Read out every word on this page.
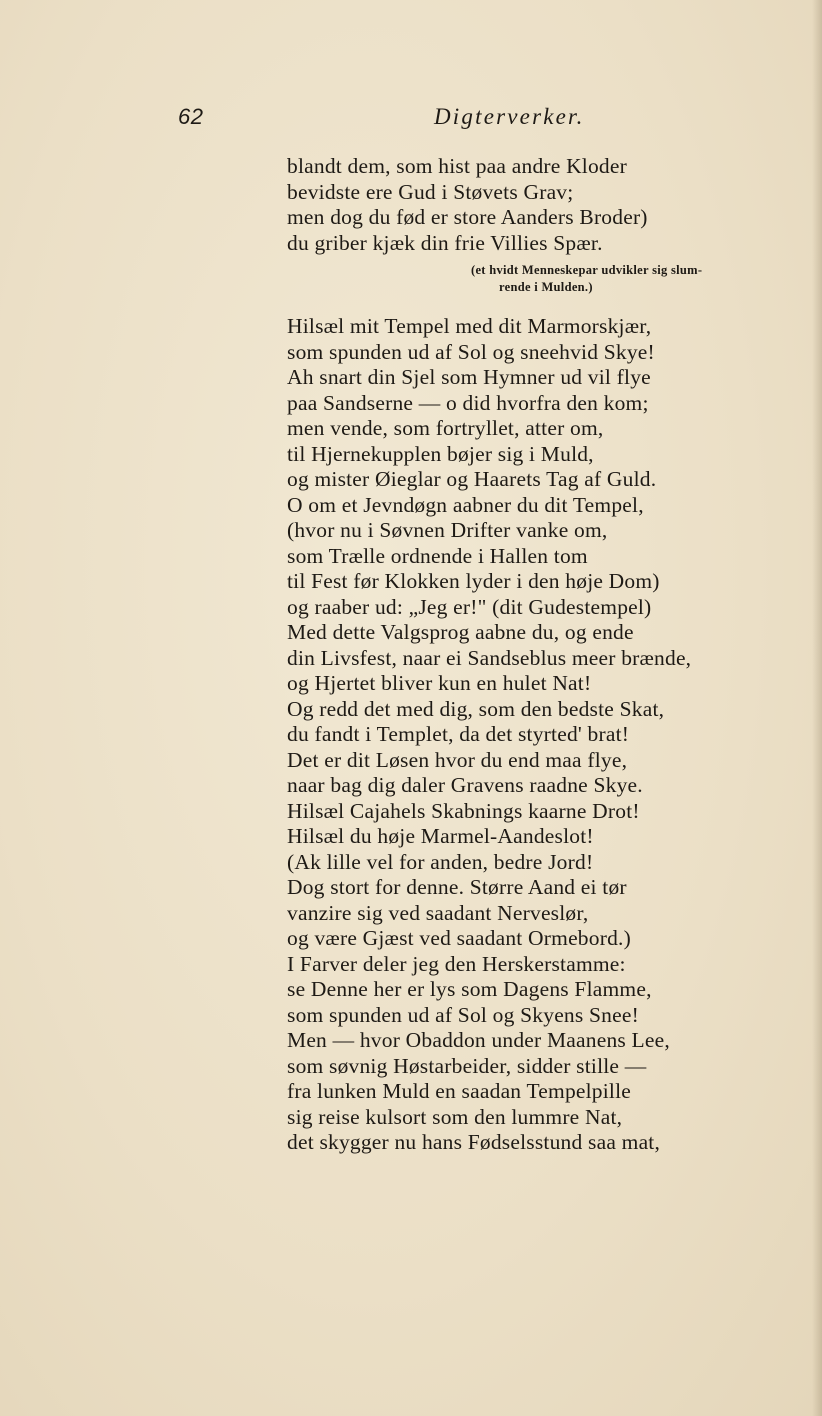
62	Digterverker.
blandt dem, som hist paa andre Kloder
bevidste ere Gud i Støvets Grav;
men dog du fød er store Aanders Broder)
du griber kjæk din frie Villies Spær.
(et hvidt Menneskepar udvikler sig slum-
rende i Mulden.)
Hilsæl mit Tempel med dit Marmorskjær,
som spunden ud af Sol og sneehvid Skye!
Ah snart din Sjel som Hymner ud vil flye
paa Sandserne — o did hvorfra den kom;
men vende, som fortryllet, atter om,
til Hjernekupplen bøjer sig i Muld,
og mister Øieglar og Haarets Tag af Guld.
O om et Jevndøgn aabner du dit Tempel,
(hvor nu i Søvnen Drifter vanke om,
som Trælle ordnende i Hallen tom
til Fest før Klokken lyder i den høje Dom)
og raaber ud: „Jeg er!" (dit Gudestempel)
Med dette Valgsprog aabne du, og ende
din Livsfest, naar ei Sandseblus meer brænde,
og Hjertet bliver kun en hulet Nat!
Og redd det med dig, som den bedste Skat,
du fandt i Templet, da det styrted' brat!
Det er dit Løsen hvor du end maa flye,
naar bag dig daler Gravens raadne Skye.
Hilsæl Cajahels Skabnings kaarne Drot!
Hilsæl du høje Marmel-Aandeslot!
(Ak lille vel for anden, bedre Jord!
Dog stort for denne. Større Aand ei tør
vanzire sig ved saadant Nerveslør,
og være Gjæst ved saadant Ormebord.)
I Farver deler jeg den Herskerstamme:
se Denne her er lys som Dagens Flamme,
som spunden ud af Sol og Skyens Snee!
Men — hvor Obaddon under Maanens Lee,
som søvnig Høstarbeider, sidder stille —
fra lunken Muld en saadan Tempelpille
sig reise kulsort som den lummre Nat,
det skygger nu hans Fødselsstund saa mat,
